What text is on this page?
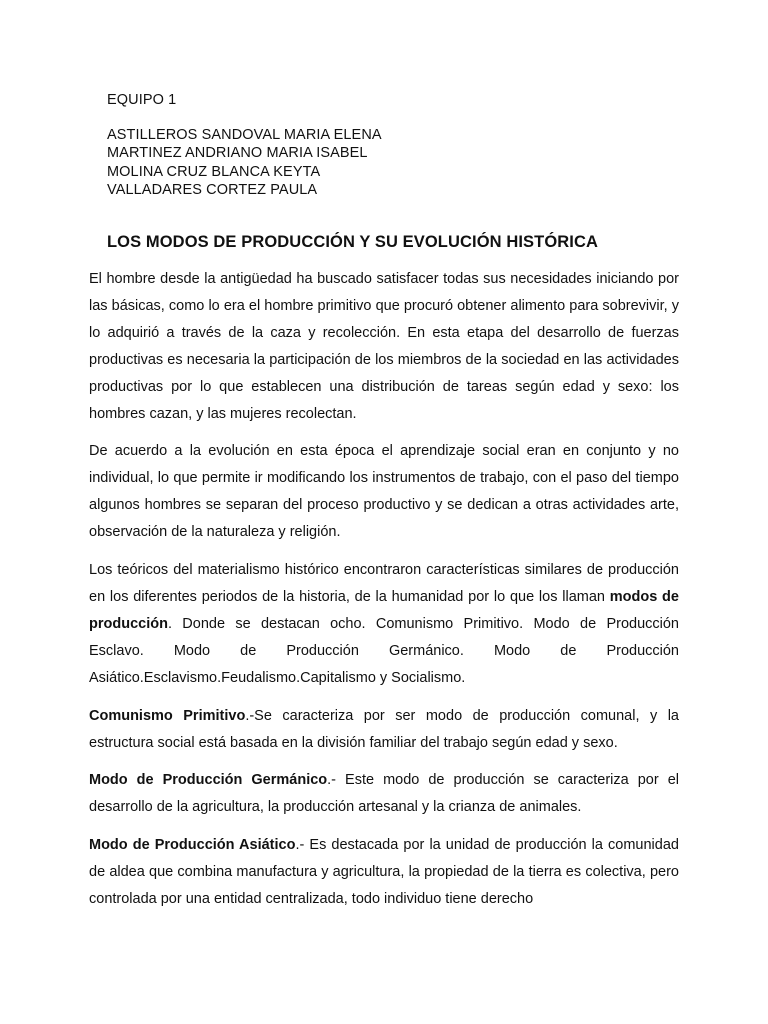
EQUIPO 1
ASTILLEROS SANDOVAL MARIA ELENA
MARTINEZ ANDRIANO MARIA ISABEL
MOLINA CRUZ BLANCA KEYTA
VALLADARES CORTEZ PAULA
LOS MODOS DE PRODUCCIÓN Y SU EVOLUCIÓN HISTÓRICA

El hombre desde la antigüedad ha buscado satisfacer todas sus necesidades iniciando por las básicas, como lo era el hombre primitivo que procuró obtener alimento para sobrevivir, y lo adquirió a través de la caza y recolección. En esta etapa del desarrollo de fuerzas productivas es necesaria la participación de los miembros de la sociedad en las actividades productivas por lo que establecen una distribución de tareas según edad y sexo: los hombres cazan, y las mujeres recolectan.

De acuerdo a la evolución en esta época el aprendizaje social eran en conjunto y no individual, lo que permite ir modificando los instrumentos de trabajo, con el paso del tiempo algunos hombres se separan del proceso productivo y se dedican a otras actividades arte, observación de la naturaleza y religión.

Los teóricos del materialismo histórico encontraron características similares de producción en los diferentes periodos de la historia, de la humanidad por lo que los llaman modos de producción. Donde se destacan ocho. Comunismo Primitivo. Modo de Producción Esclavo. Modo de Producción Germánico. Modo de Producción Asiático.Esclavismo.Feudalismo.Capitalismo y Socialismo.

Comunismo Primitivo.-Se caracteriza por ser modo de producción comunal, y la estructura social está basada en la división familiar del trabajo según edad y sexo.

Modo de Producción Germánico.- Este modo de producción se caracteriza por el desarrollo de la agricultura, la producción artesanal y la crianza de animales.

Modo de Producción Asiático.- Es destacada por la unidad de producción la comunidad de aldea que combina manufactura y agricultura, la propiedad de la tierra es colectiva, pero controlada por una entidad centralizada, todo individuo tiene derecho
